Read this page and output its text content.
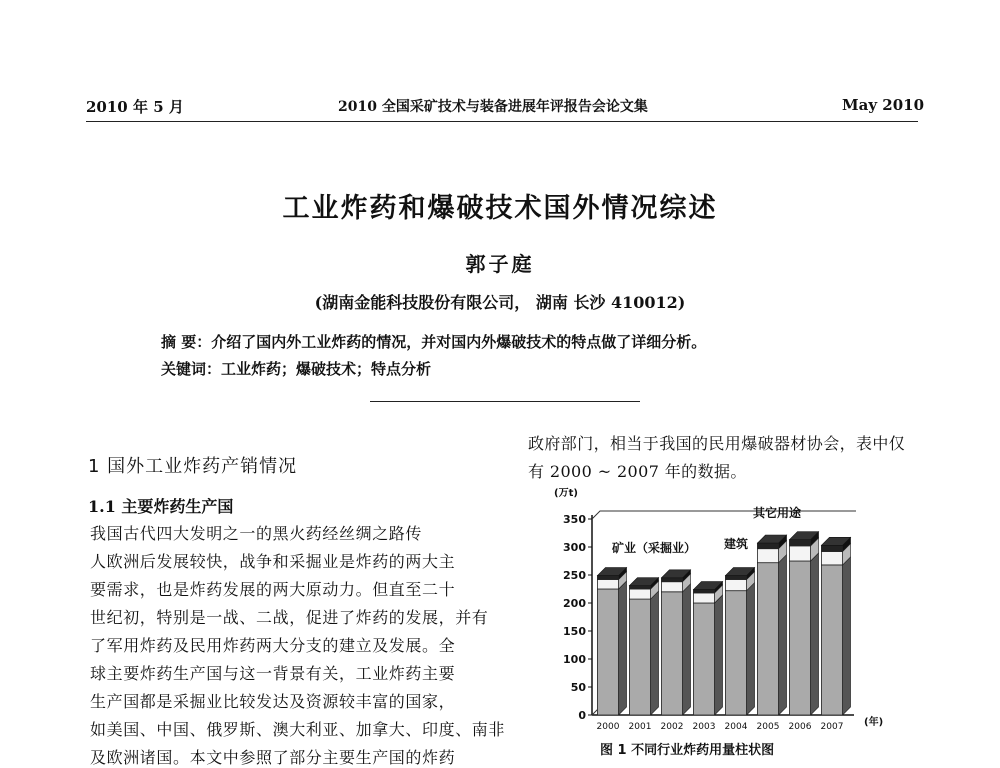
2010 年 5 月	2010 全国采矿技术与装备进展年评报告会论文集	May 2010
工业炸药和爆破技术国外情况综述
郭子庭
(湖南金能科技股份有限公司， 湖南 长沙 410012)
摘 要：介绍了国内外工业炸药的情况，并对国内外爆破技术的特点做了详细分析。
关键词：工业炸药；爆破技术；特点分析
1 国外工业炸药产销情况
1.1 主要炸药生产国
我国古代四大发明之一的黑火药经丝绸之路传
人欧洲后发展较快，战争和采掘业是炸药的两大主
要需求，也是炸药发展的两大原动力。但直至二十
世纪初，特别是一战、二战，促进了炸药的发展，并有
了军用炸药及民用炸药两大分支的建立及发展。全
球主要炸药生产国与这一背景有关，工业炸药主要
生产国都是采掘业比较发达及资源较丰富的国家，
如美国、中国、俄罗斯、澳大利亚、加拿大、印度、南非
及欧洲诸国。本文中参照了部分主要生产国的炸药
政府部门，相当于我国的民用爆破器材协会，表中仅
有 2000 ~ 2007 年的数据。
0
50
100
150
200
250
300
350
(万t)
(年)
2000 2001 2002 2003 2004 2005 2006 2007
其它用途
矿业（采掘业） 建筑
图 1 不同行业炸药用量柱状图
